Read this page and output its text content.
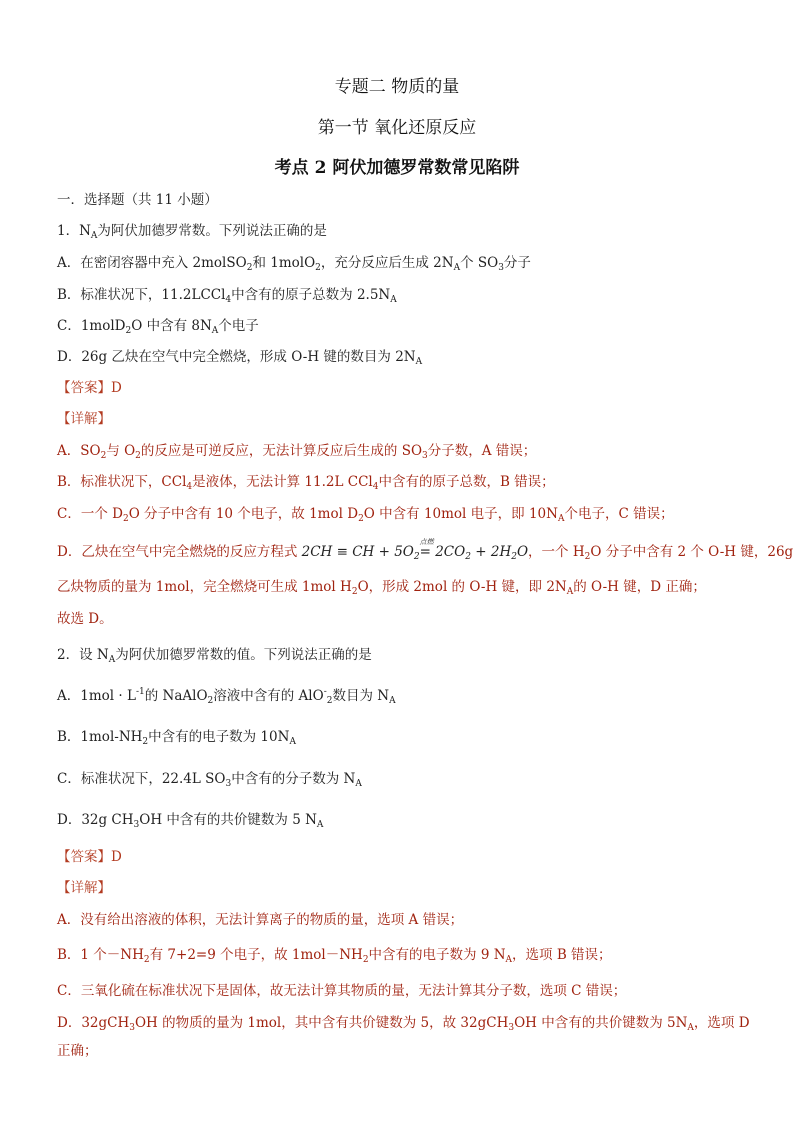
专题二 物质的量
第一节 氧化还原反应
考点 2 阿伏加德罗常数常见陷阱
一．选择题（共 11 小题）
1．$N_A$为阿伏加德罗常数。下列说法正确的是
A．在密闭容器中充入 2molSO$_2$和 1molO$_2$，充分反应后生成 $2N_A$个 $SO_3$分子
B．标准状况下，11.2LCCl$_4$中含有的原子总数为 $2.5N_A$
C．1molD$_2$O 中含有 $8N_A$个电子
D．26g 乙炔在空气中完全燃烧，形成 O-H 键的数目为 $2N_A$
【答案】D
【详解】
A．$SO_2$与 $O_2$的反应是可逆反应，无法计算反应后生成的 $SO_3$分子数，A 错误；
B．标准状况下，CCl$_4$是液体，无法计算 11.2L CCl$_4$中含有的原子总数，B 错误；
C．一个 $D_2O$ 分子中含有 10 个电子，故 1mol $D_2O$ 中含有 10mol 电子，即 $10N_A$个电子，C 错误；
D．乙炔在空气中完全燃烧的反应方程式 2CH ≡ CH + $5O_2$
点燃
= $2CO_2 + 2H_2O$，一个 $H_2O$ 分子中含有 2 个 O-H 键，26g
乙炔物质的量为 1mol，完全燃烧可生成 1mol $H_2O$，形成 2mol 的 O-H 键，即 $2N_A$的 O-H 键，D 正确；
故选 D。
2．设 $N_A$为阿伏加德罗常数的值。下列说法正确的是
A．$1mol \cdot L^{-1}$的 NaAlO$_2$溶液中含有的 AlO-$_2$数目为 $N_A$
B．$1mol-NH_2$中含有的电子数为 $10N_A$
C．标准状况下，22.4L $SO_3$中含有的分子数为 $N_A$
D．32g $CH_3OH$ 中含有的共价键数为 5 $N_A$
【答案】D
【详解】
A．没有给出溶液的体积，无法计算离子的物质的量，选项 A 错误；
B．1 个$-NH_2$有 7+2=9 个电子，故 $1mol-NH_2$中含有的电子数为 9 $N_A$，选项 B 错误；
C．三氧化硫在标准状况下是固体，故无法计算其物质的量，无法计算其分子数，选项 C 错误；
D．32gCH$_3$OH 的物质的量为 1mol，其中含有共价键数为 5，故 32gCH$_3$OH 中含有的共价键数为 $5N_A$，选项 D
正确；
